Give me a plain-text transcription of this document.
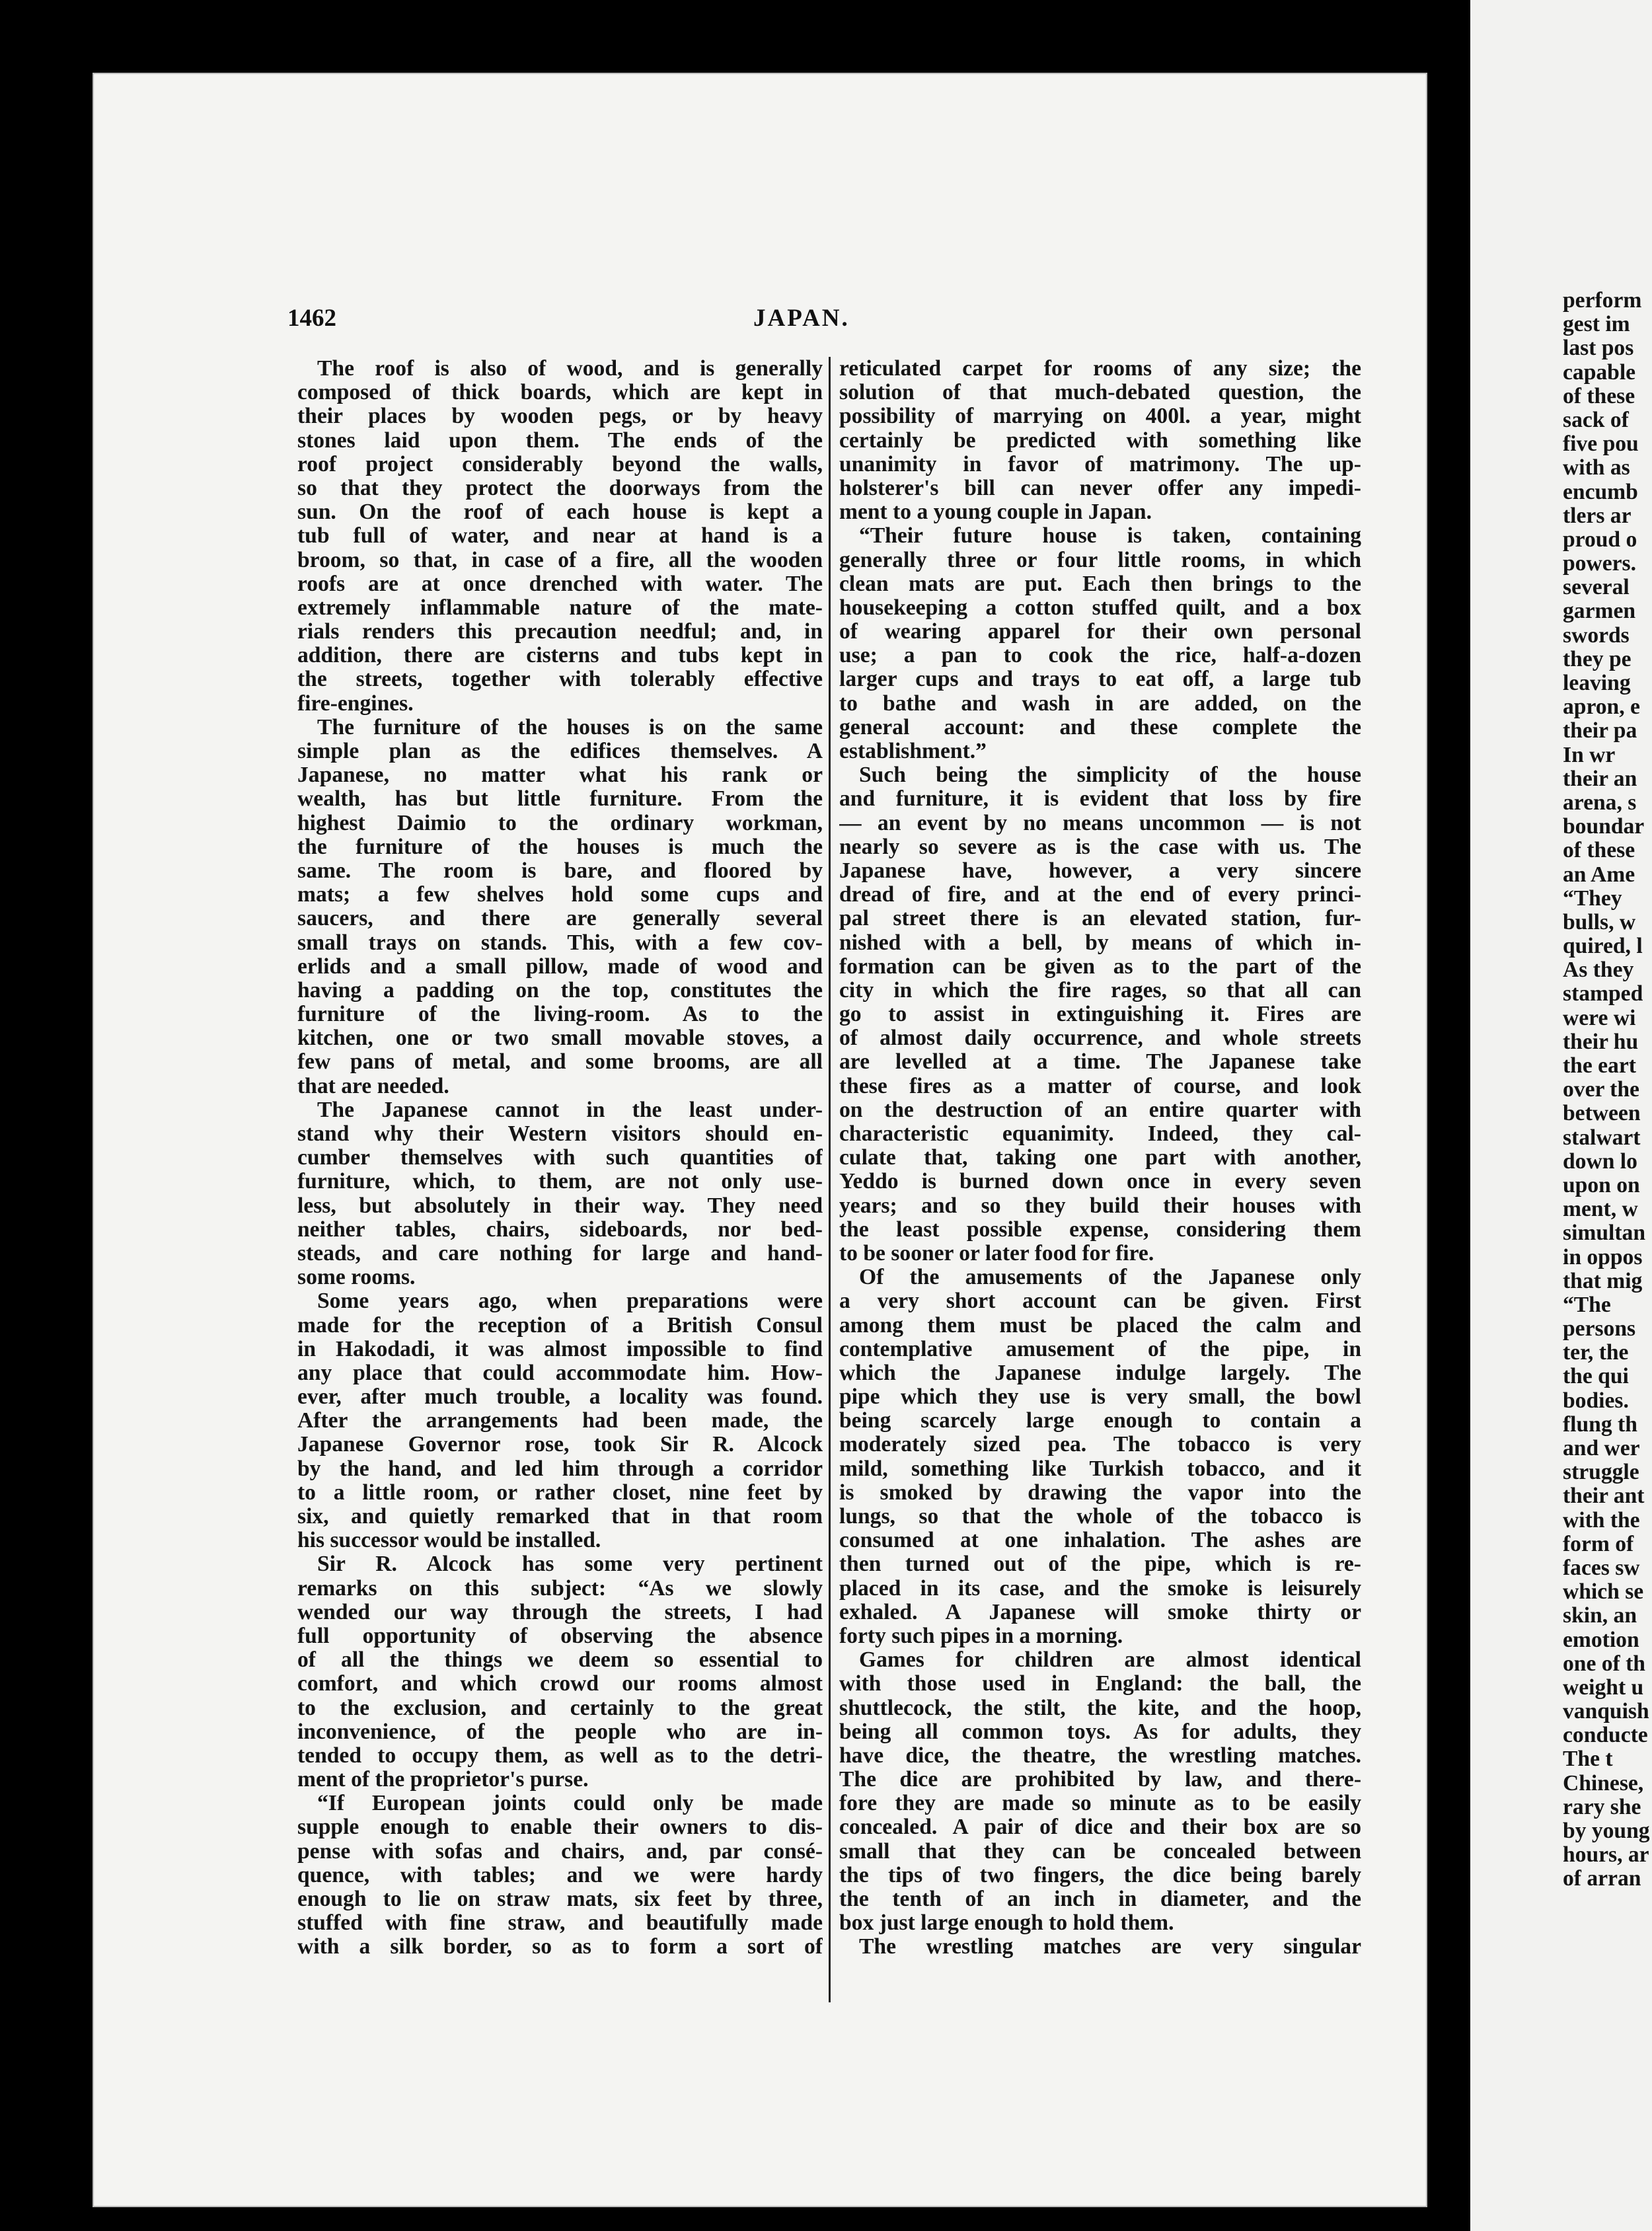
1462	JAPAN.
The roof is also of wood, and is generally
composed of thick boards, which are kept in
their places by wooden pegs, or by heavy
stones laid upon them. The ends of the
roof project considerably beyond the walls,
so that they protect the doorways from the
sun. On the roof of each house is kept a
tub full of water, and near at hand is a
broom, so that, in case of a fire, all the wooden
roofs are at once drenched with water. The
extremely inflammable nature of the mate-
rials renders this precaution needful; and, in
addition, there are cisterns and tubs kept in
the streets, together with tolerably effective
fire-engines.
The furniture of the houses is on the same
simple plan as the edifices themselves. A
Japanese, no matter what his rank or
wealth, has but little furniture. From the
highest Daimio to the ordinary workman,
the furniture of the houses is much the
same. The room is bare, and floored by
mats; a few shelves hold some cups and
saucers, and there are generally several
small trays on stands. This, with a few cov-
erlids and a small pillow, made of wood and
having a padding on the top, constitutes the
furniture of the living-room. As to the
kitchen, one or two small movable stoves, a
few pans of metal, and some brooms, are all
that are needed.
The Japanese cannot in the least under-
stand why their Western visitors should en-
cumber themselves with such quantities of
furniture, which, to them, are not only use-
less, but absolutely in their way. They need
neither tables, chairs, sideboards, nor bed-
steads, and care nothing for large and hand-
some rooms.
Some years ago, when preparations were
made for the reception of a British Consul
in Hakodadi, it was almost impossible to find
any place that could accommodate him. How-
ever, after much trouble, a locality was found.
After the arrangements had been made, the
Japanese Governor rose, took Sir R. Alcock
by the hand, and led him through a corridor
to a little room, or rather closet, nine feet by
six, and quietly remarked that in that room
his successor would be installed.
Sir R. Alcock has some very pertinent
remarks on this subject: “As we slowly
wended our way through the streets, I had
full opportunity of observing the absence
of all the things we deem so essential to
comfort, and which crowd our rooms almost
to the exclusion, and certainly to the great
inconvenience, of the people who are in-
tended to occupy them, as well as to the detri-
ment of the proprietor's purse.
“If European joints could only be made
supple enough to enable their owners to dis-
pense with sofas and chairs, and, par consé-
quence, with tables; and we were hardy
enough to lie on straw mats, six feet by three,
stuffed with fine straw, and beautifully made
with a silk border, so as to form a sort of
reticulated carpet for rooms of any size; the
solution of that much-debated question, the
possibility of marrying on 400l. a year, might
certainly be predicted with something like
unanimity in favor of matrimony. The up-
holsterer's bill can never offer any impedi-
ment to a young couple in Japan.
“Their future house is taken, containing
generally three or four little rooms, in which
clean mats are put. Each then brings to the
housekeeping a cotton stuffed quilt, and a box
of wearing apparel for their own personal
use; a pan to cook the rice, half-a-dozen
larger cups and trays to eat off, a large tub
to bathe and wash in are added, on the
general account: and these complete the
establishment.”
Such being the simplicity of the house
and furniture, it is evident that loss by fire
— an event by no means uncommon — is not
nearly so severe as is the case with us. The
Japanese have, however, a very sincere
dread of fire, and at the end of every princi-
pal street there is an elevated station, fur-
nished with a bell, by means of which in-
formation can be given as to the part of the
city in which the fire rages, so that all can
go to assist in extinguishing it. Fires are
of almost daily occurrence, and whole streets
are levelled at a time. The Japanese take
these fires as a matter of course, and look
on the destruction of an entire quarter with
characteristic equanimity. Indeed, they cal-
culate that, taking one part with another,
Yeddo is burned down once in every seven
years; and so they build their houses with
the least possible expense, considering them
to be sooner or later food for fire.
Of the amusements of the Japanese only
a very short account can be given. First
among them must be placed the calm and
contemplative amusement of the pipe, in
which the Japanese indulge largely. The
pipe which they use is very small, the bowl
being scarcely large enough to contain a
moderately sized pea. The tobacco is very
mild, something like Turkish tobacco, and it
is smoked by drawing the vapor into the
lungs, so that the whole of the tobacco is
consumed at one inhalation. The ashes are
then turned out of the pipe, which is re-
placed in its case, and the smoke is leisurely
exhaled. A Japanese will smoke thirty or
forty such pipes in a morning.
Games for children are almost identical
with those used in England: the ball, the
shuttlecock, the stilt, the kite, and the hoop,
being all common toys. As for adults, they
have dice, the theatre, the wrestling matches.
The dice are prohibited by law, and there-
fore they are made so minute as to be easily
concealed. A pair of dice and their box are so
small that they can be concealed between
the tips of two fingers, the dice being barely
the tenth of an inch in diameter, and the
box just large enough to hold them.
The wrestling matches are very singular
perform
gest im
last pos
capable
of these
sack of
five pou
with as
encumb
tlers ar
proud o
powers.
several
garmen
swords
they pe
leaving
apron, e
their pa
In wr
their an
arena, s
boundar
of these
an Ame
“They
bulls, w
quired, l
As they
stamped
were wi
their hu
the eart
over the
between
stalwart
down lo
upon on
ment, w
simultan
in oppos
that mig
“The
persons
ter, the
the qui
bodies.
flung th
and wer
struggle
their ant
with the
form of
faces sw
which se
skin, an
emotion
one of th
weight u
vanquish
conducte
The t
Chinese,
rary she
by young
hours, ar
of arran
